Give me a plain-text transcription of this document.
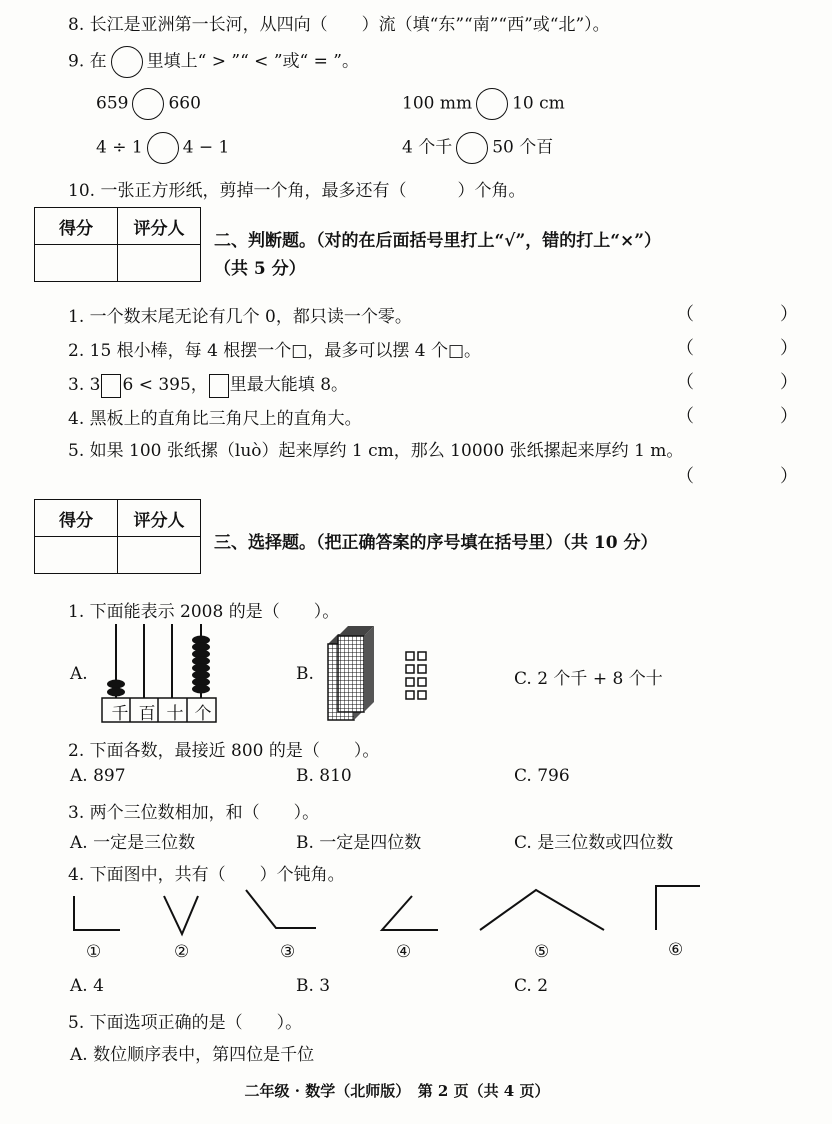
8. 长江是亚洲第一长河，从四向（　　）流（填“东”“南”“西”或“北”）。
9. 在 里填上“ > ”“ < ”或“ = ”。
659 660	100 mm 10 cm
4 ÷ 1 4 − 1	4 个千 50 个百
10. 一张正方形纸，剪掉一个角，最多还有（　　　）个角。
得分	评分人

二、判断题。（对的在后面括号里打上“√”，错的打上“×”）
（共 5 分）
1. 一个数末尾无论有几个 0，都只读一个零。	（　）
2. 15 根小棒，每 4 根摆一个□，最多可以摆 4 个□。	（　）
3. 3 6 < 395， 里最大能填 8。	（　）
4. 黑板上的直角比三角尺上的直角大。	（　）
5. 如果 100 张纸摞（luò）起来厚约 1 cm，那么 10000 张纸摞起来厚约 1 m。
（　）
得分	评分人

三、选择题。（把正确答案的序号填在括号里）（共 10 分）
1. 下面能表示 2008 的是（　　）。
A.
千 百 十 个
B.	C. 2 个千 + 8 个十
2. 下面各数，最接近 800 的是（　　）。
A. 897	B. 810	C. 796
3. 两个三位数相加，和（　　）。
A. 一定是三位数	B. 一定是四位数	C. 是三位数或四位数
4. 下面图中，共有（　　）个钝角。
①	②	③	④	⑤	⑥
A. 4	B. 3	C. 2
5. 下面选项正确的是（　　）。
A. 数位顺序表中，第四位是千位
二年级 · 数学（北师版）　第 2 页（共 4 页）
